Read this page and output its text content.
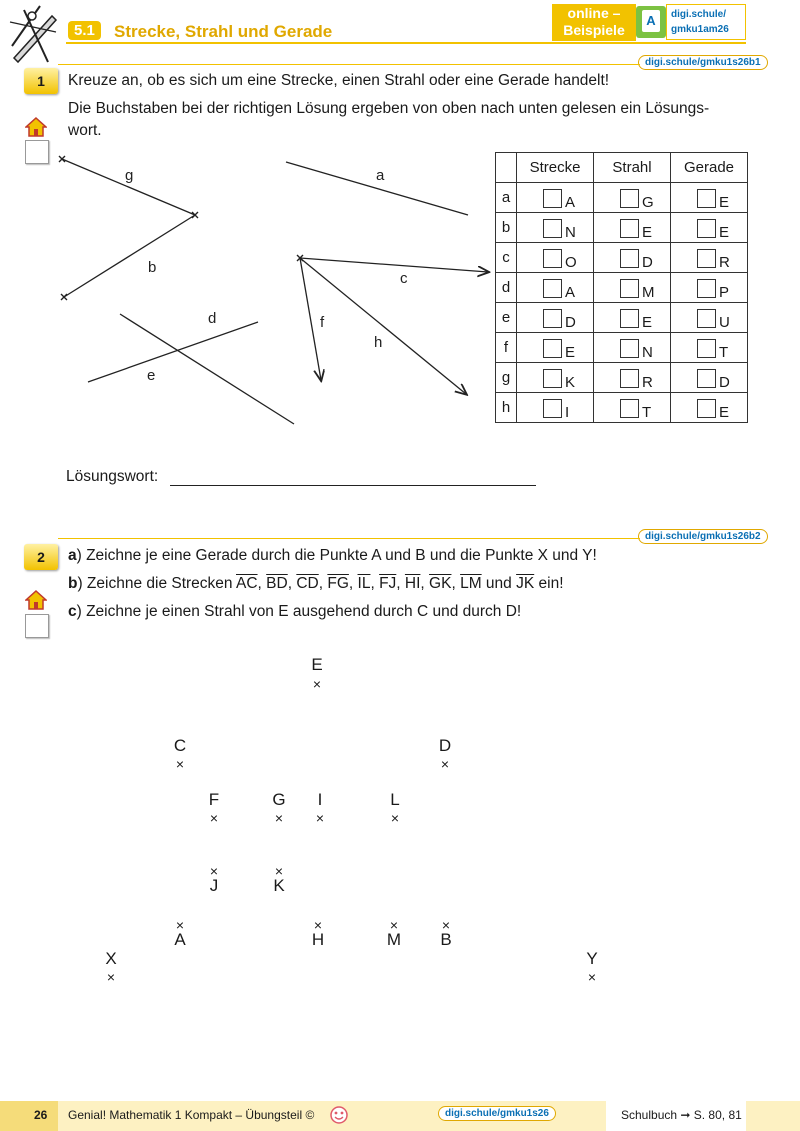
5.1	Strecke, Strahl und Gerade
online –
Beispiele
A	digi.schule/
gmku1am26
digi.schule/gmku1s26b1
1	Kreuze an, ob es sich um eine Strecke, einen Strahl oder eine Gerade handelt!
Die Buchstaben bei der richtigen Lösung ergeben von oben nach unten gelesen ein Lösungs-
wort.
g	a
b
c
d	f
h
e
	Strecke	Strahl	Gerade
a	A	G	E

b	N	E	E

c	O	D	R

d	A	M	P

e	D	E	U

f	E	N	T

g	K	R	D

h	I	T	E
Lösungswort:
digi.schule/gmku1s26b2
2	a) Zeichne je eine Gerade durch die Punkte A und B und die Punkte X und Y!
b) Zeichne die Strecken $\overline{AC}$, $\overline{BD}$, $\overline{CD}$, $\overline{FG}$, $\overline{IL}$, $\overline{FJ}$, $\overline{HI}$, $\overline{GK}$, $\overline{LM}$ und $\overline{JK}$ ein!
c) Zeichne je einen Strahl von E ausgehend durch C und durch D!
E
×
C
×
D
×
F
×
G
×
I
×
L
×
×
J
×
K
×
A
×
H
×
M
×
B
X
×
Y
×
26 Genial! Mathematik 1 Kompakt – Übungsteil ©	digi.schule/gmku1s26	Schulbuch ➞ S. 80, 81
